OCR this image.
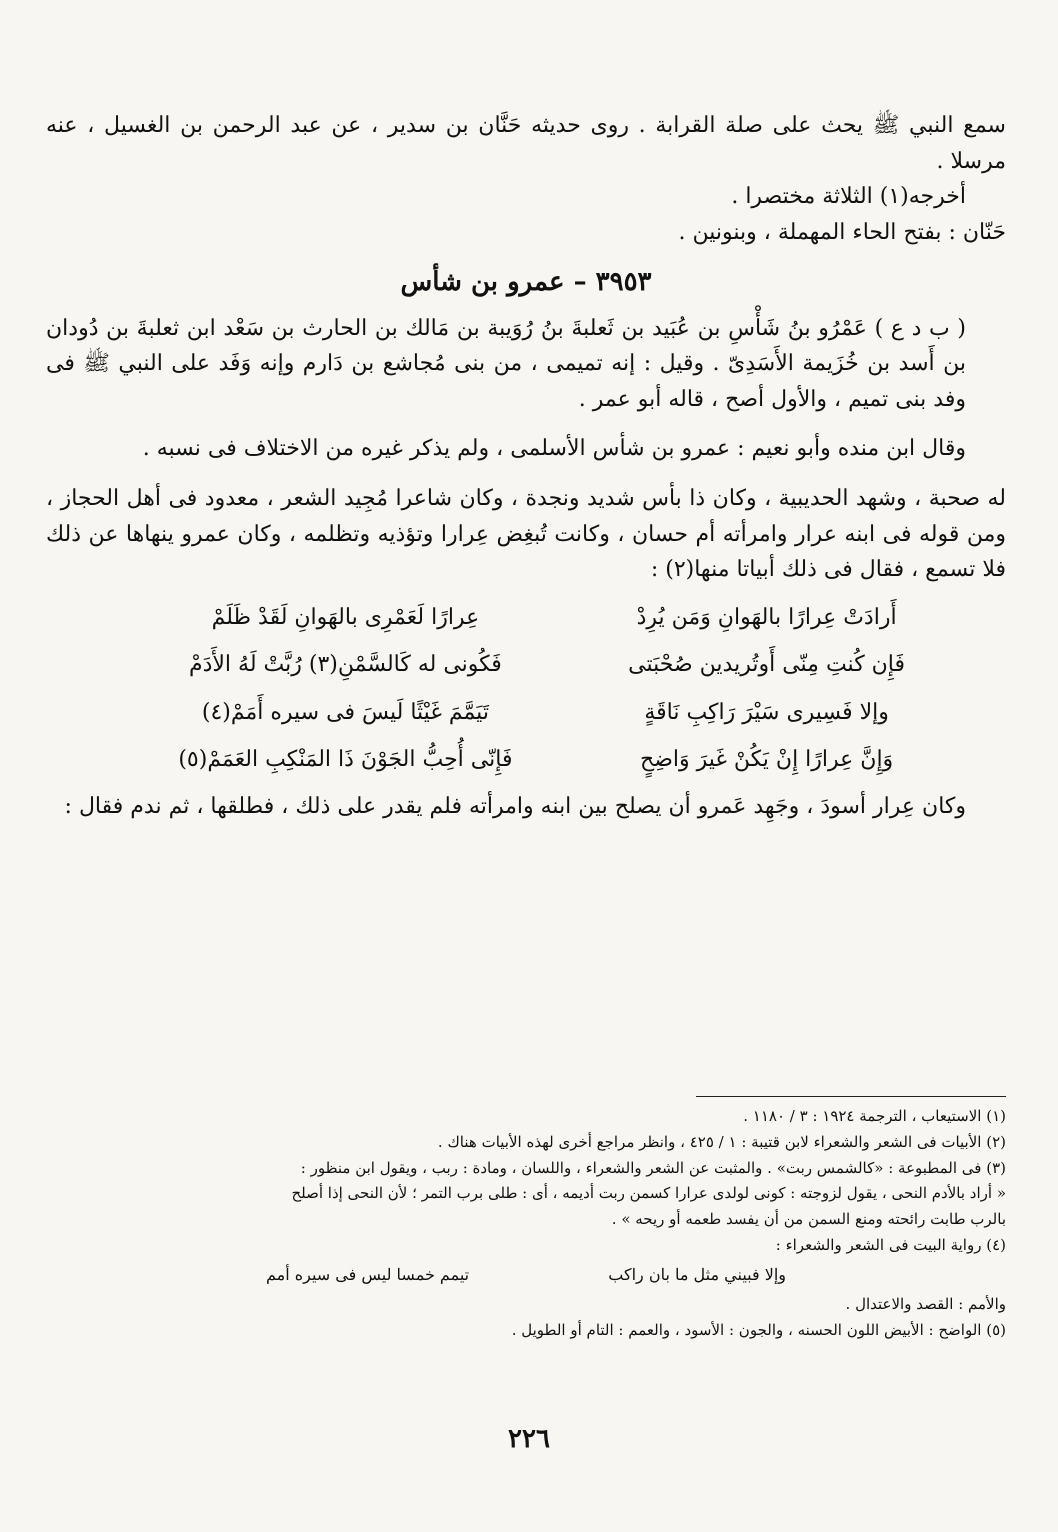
سمع النبي ﷺ يحث على صلة القرابة . روى حديثه حَنَّان بن سدير ، عن عبد الرحمن بن الغسيل ، عنه مرسلا .

أخرجه(١) الثلاثة مختصرا .

حَنّان : بفتح الحاء المهملة ، وبنونين .

٣٩٥٣ – عمرو بن شأس

( ب د ع ) عَمْرُو بنُ شَأْسِ بن عُبَيد بن ثَعلبةَ بنُ رُوَيبة بن مَالك بن الحارث بن سَعْد ابن ثعلبةَ بن دُودان بن أَسد بن خُزَيمة الأَسَدِىّ . وقيل : إنه تميمى ، من بنى مُجاشع بن دَارم وإنه وَفَد على النبي ﷺ فى وفد بنى تميم ، والأول أصح ، قاله أبو عمر .

وقال ابن منده وأبو نعيم : عمرو بن شأس الأسلمى ، ولم يذكر غيره من الاختلاف فى نسبه .

له صحبة ، وشهد الحديبية ، وكان ذا بأس شديد ونجدة ، وكان شاعرا مُجِيد الشعر ، معدود فى أهل الحجاز ، ومن قوله فى ابنه عرار وامرأته أم حسان ، وكانت تُبغِض عِرارا وتؤذيه وتظلمه ، وكان عمرو ينهاها عن ذلك فلا تسمع ، فقال فى ذلك أبياتا منها(٢) :

أَرادَتْ عِرارًا بالهَوانِ وَمَن يُرِدْ
عِرارًا لَعَمْرِى بالهَوانِ لَقَدْ ظَلَمْ
فَإِن كُنتِ مِنّى أَوتُريدين صُحْبَتى
فَكُونى له كَالسَّمْنِ(٣) رُبَّتْ لَهُ الأَدَمْ
وإلا فَسِيرى سَيْرَ رَاكِبِ نَاقَةٍ
تَيَمَّمَ غَيْثًا لَيسَ فى سيره أَمَمْ(٤)
وَإِنَّ عِرارًا إِنْ يَكُنْ غَيرَ وَاضِحٍ
فَإِنّى أُحِبُّ الجَوْنَ ذَا المَنْكِبِ العَمَمْ(٥)

وكان عِرار أسودَ ، وجَهِد عَمرو أن يصلح بين ابنه وامرأته فلم يقدر على ذلك ، فطلقها ، ثم ندم فقال :

(١) الاستيعاب ، الترجمة ١٩٢٤ : ٣ / ١١٨٠ .

(٢) الأبيات فى الشعر والشعراء لابن قتيبة : ١ / ٤٢٥ ، وانظر مراجع أخرى لهذه الأبيات هناك .

(٣) فى المطبوعة : «كالشمس ربت» . والمثبت عن الشعر والشعراء ، واللسان ، ومادة : ربب ، ويقول ابن منظور :

« أراد بالأدم النحى ، يقول لزوجته : كونى لولدى عرارا كسمن ربت أديمه ، أى : طلى برب التمر ؛ لأن النحى إذا أصلح

بالرب طابت رائحته ومنع السمن من أن يفسد طعمه أو ريحه » .

(٤) رواية البيت فى الشعر والشعراء :

وإلا فبيني مثل ما بان راكب
تيمم خمسا ليس فى سيره أمم

والأمم : القصد والاعتدال .

(٥) الواضح : الأبيض اللون الحسنه ، والجون : الأسود ، والعمم : التام أو الطويل .

٢٢٦
